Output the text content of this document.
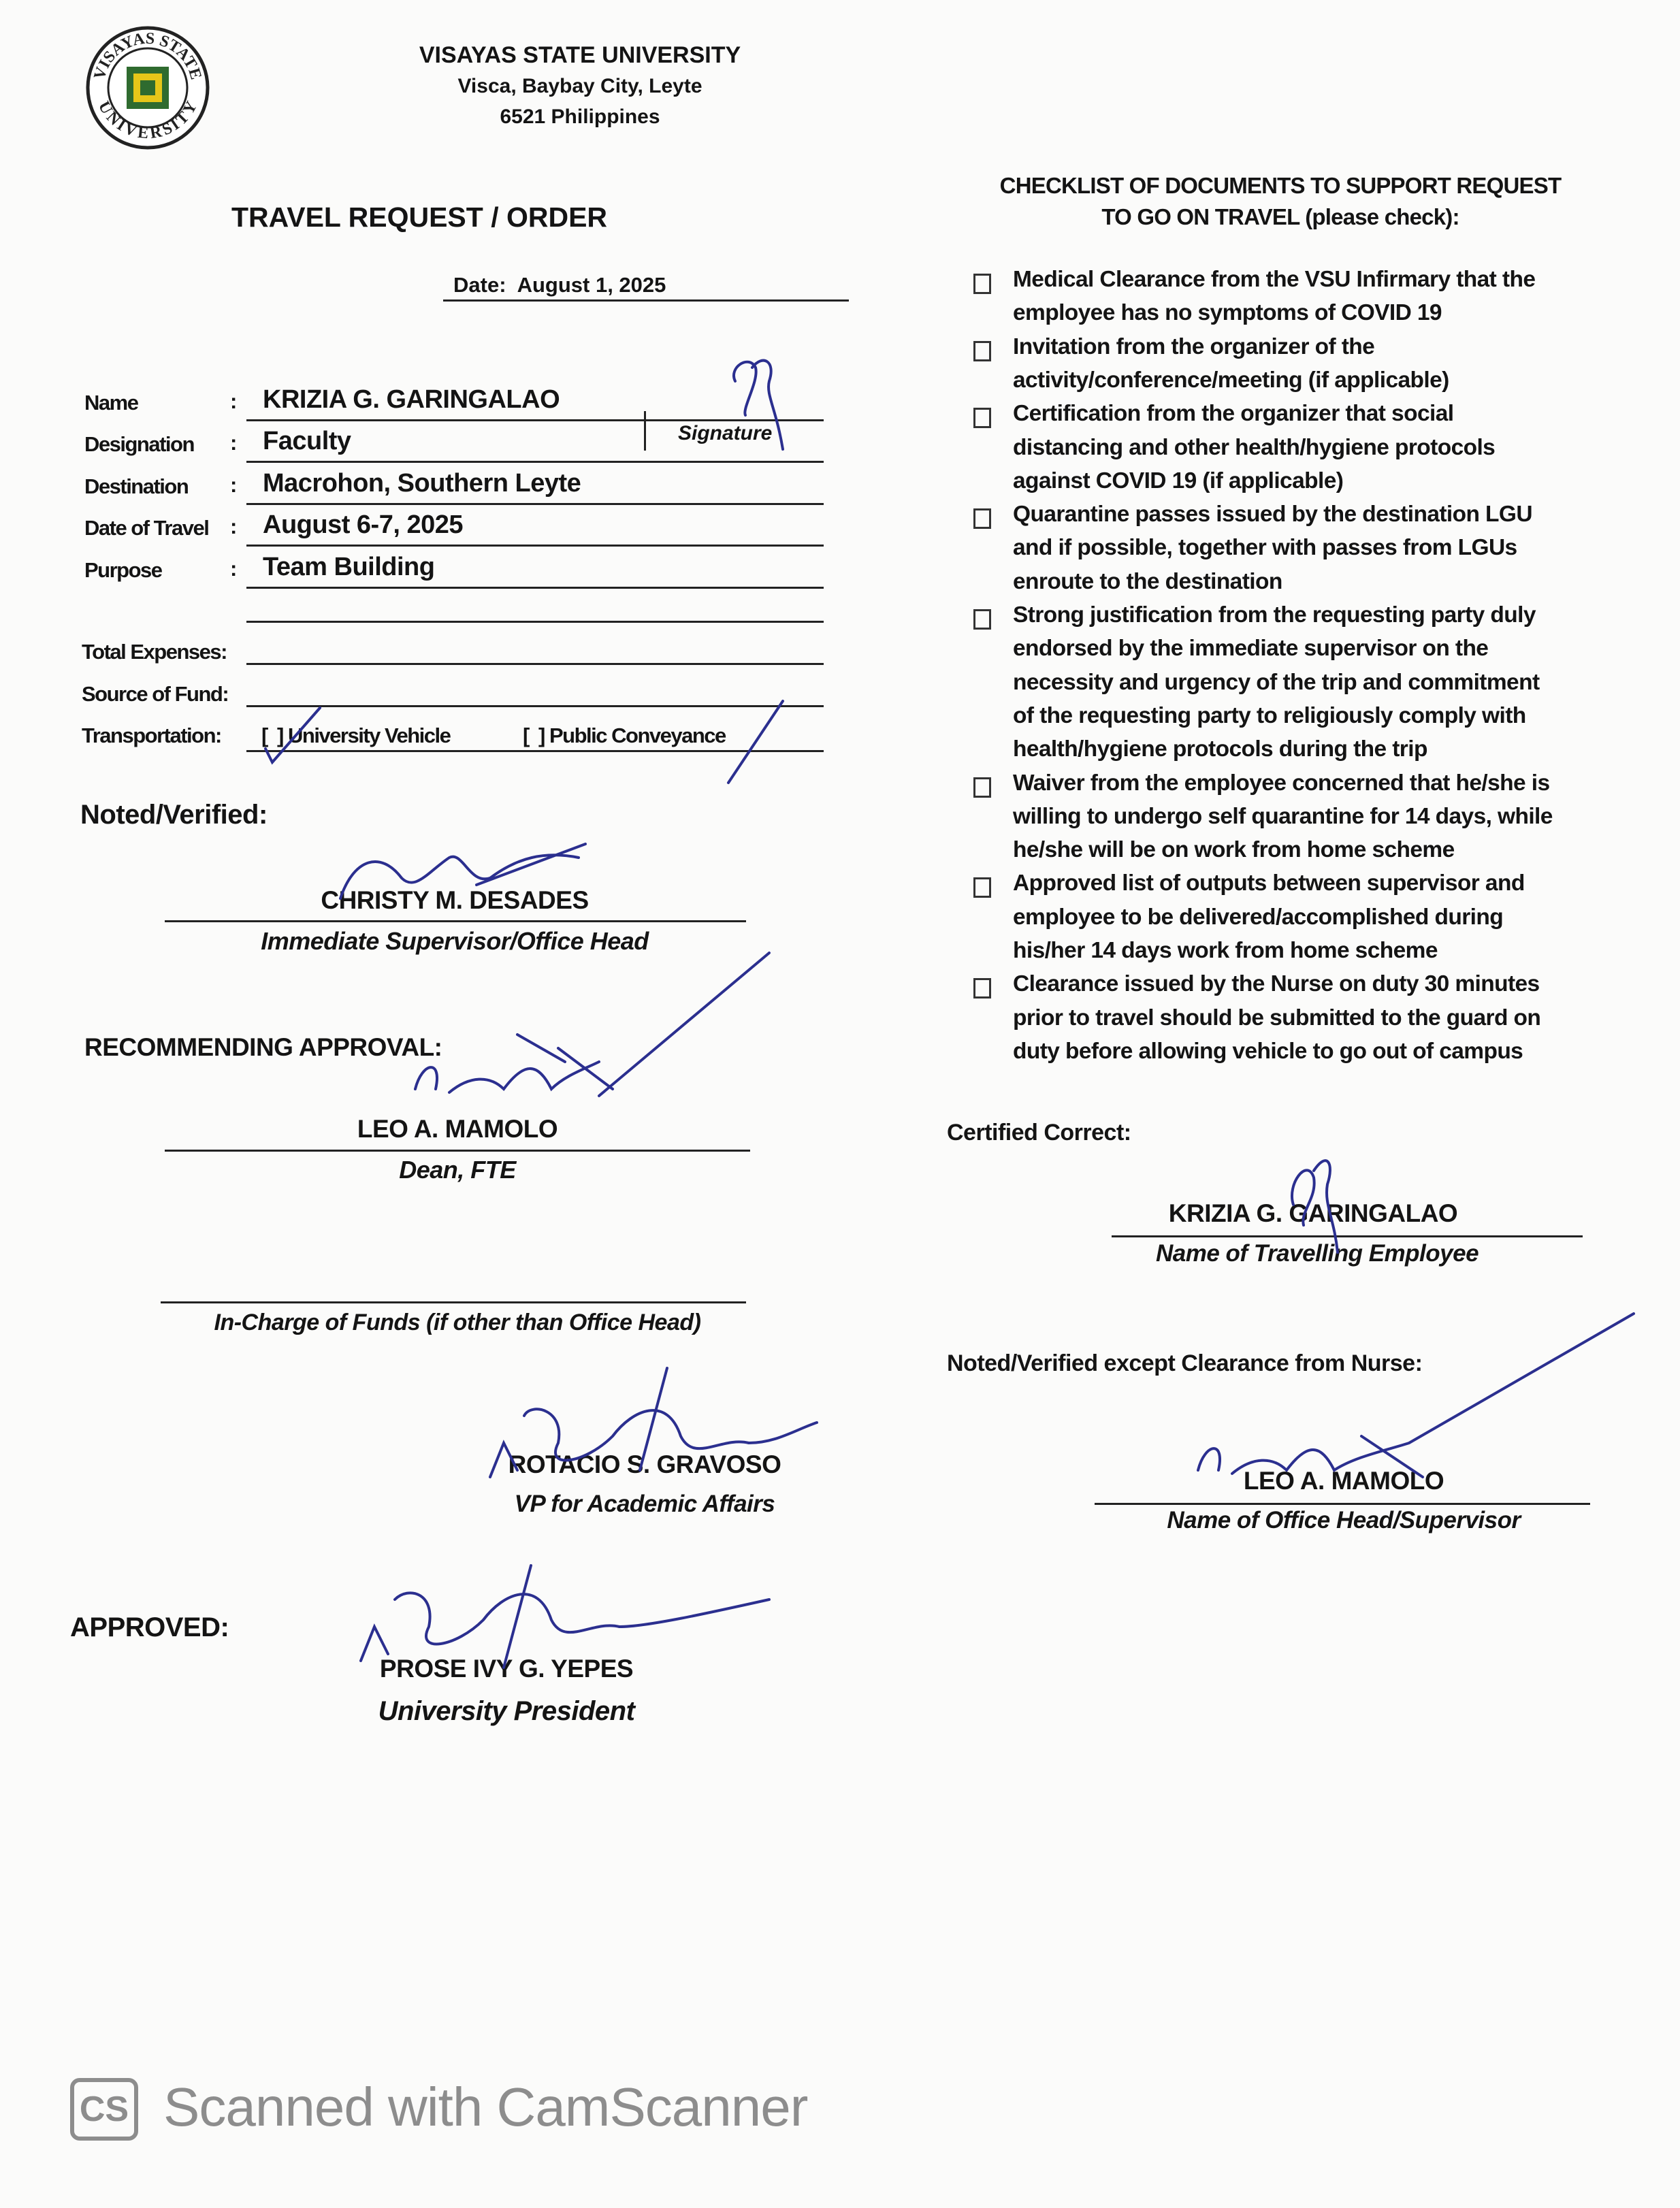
VISAYAS STATE
UNIVERSITY
VISAYAS STATE UNIVERSITY
Visca, Baybay City, Leyte
6521 Philippines
TRAVEL REQUEST / ORDER
Date: August 1, 2025
Name	: KRIZIA G. GARINGALAO
Designation : Faculty
Destination : Macrohon, Southern Leyte
Date of Travel : August 6-7, 2025
Purpose	: Team Building
Signature
Total Expenses:
Source of Fund:
Transportation: [  ] University Vehicle	[  ] Public Conveyance
Noted/Verified:
CHRISTY M. DESADES
Immediate Supervisor/Office Head
RECOMMENDING APPROVAL:
LEO A. MAMOLO
Dean, FTE
In-Charge of Funds (if other than Office Head)
ROTACIO S. GRAVOSO
VP for Academic Affairs
APPROVED:
PROSE IVY G. YEPES
University President
CHECKLIST OF DOCUMENTS TO SUPPORT REQUEST
TO GO ON TRAVEL (please check):
Medical Clearance from the VSU Infirmary that the
employee has no symptoms of COVID 19
Invitation from the organizer of the
activity/conference/meeting (if applicable)
Certification from the organizer that social
distancing and other health/hygiene protocols
against COVID 19 (if applicable)
Quarantine passes issued by the destination LGU
and if possible, together with passes from LGUs
enroute to the destination
Strong justification from the requesting party duly
endorsed by the immediate supervisor on the
necessity and urgency of the trip and commitment
of the requesting party to religiously comply with
health/hygiene protocols during the trip
Waiver from the employee concerned that he/she is
willing to undergo self quarantine for 14 days, while
he/she will be on work from home scheme
Approved list of outputs between supervisor and
employee to be delivered/accomplished during
his/her 14 days work from home scheme
Clearance issued by the Nurse on duty 30 minutes
prior to travel should be submitted to the guard on
duty before allowing vehicle to go out of campus
Certified Correct:
KRIZIA G. GARINGALAO
Name of Travelling Employee
Noted/Verified except Clearance from Nurse:
LEO A. MAMOLO
Name of Office Head/Supervisor
CS Scanned with CamScanner
